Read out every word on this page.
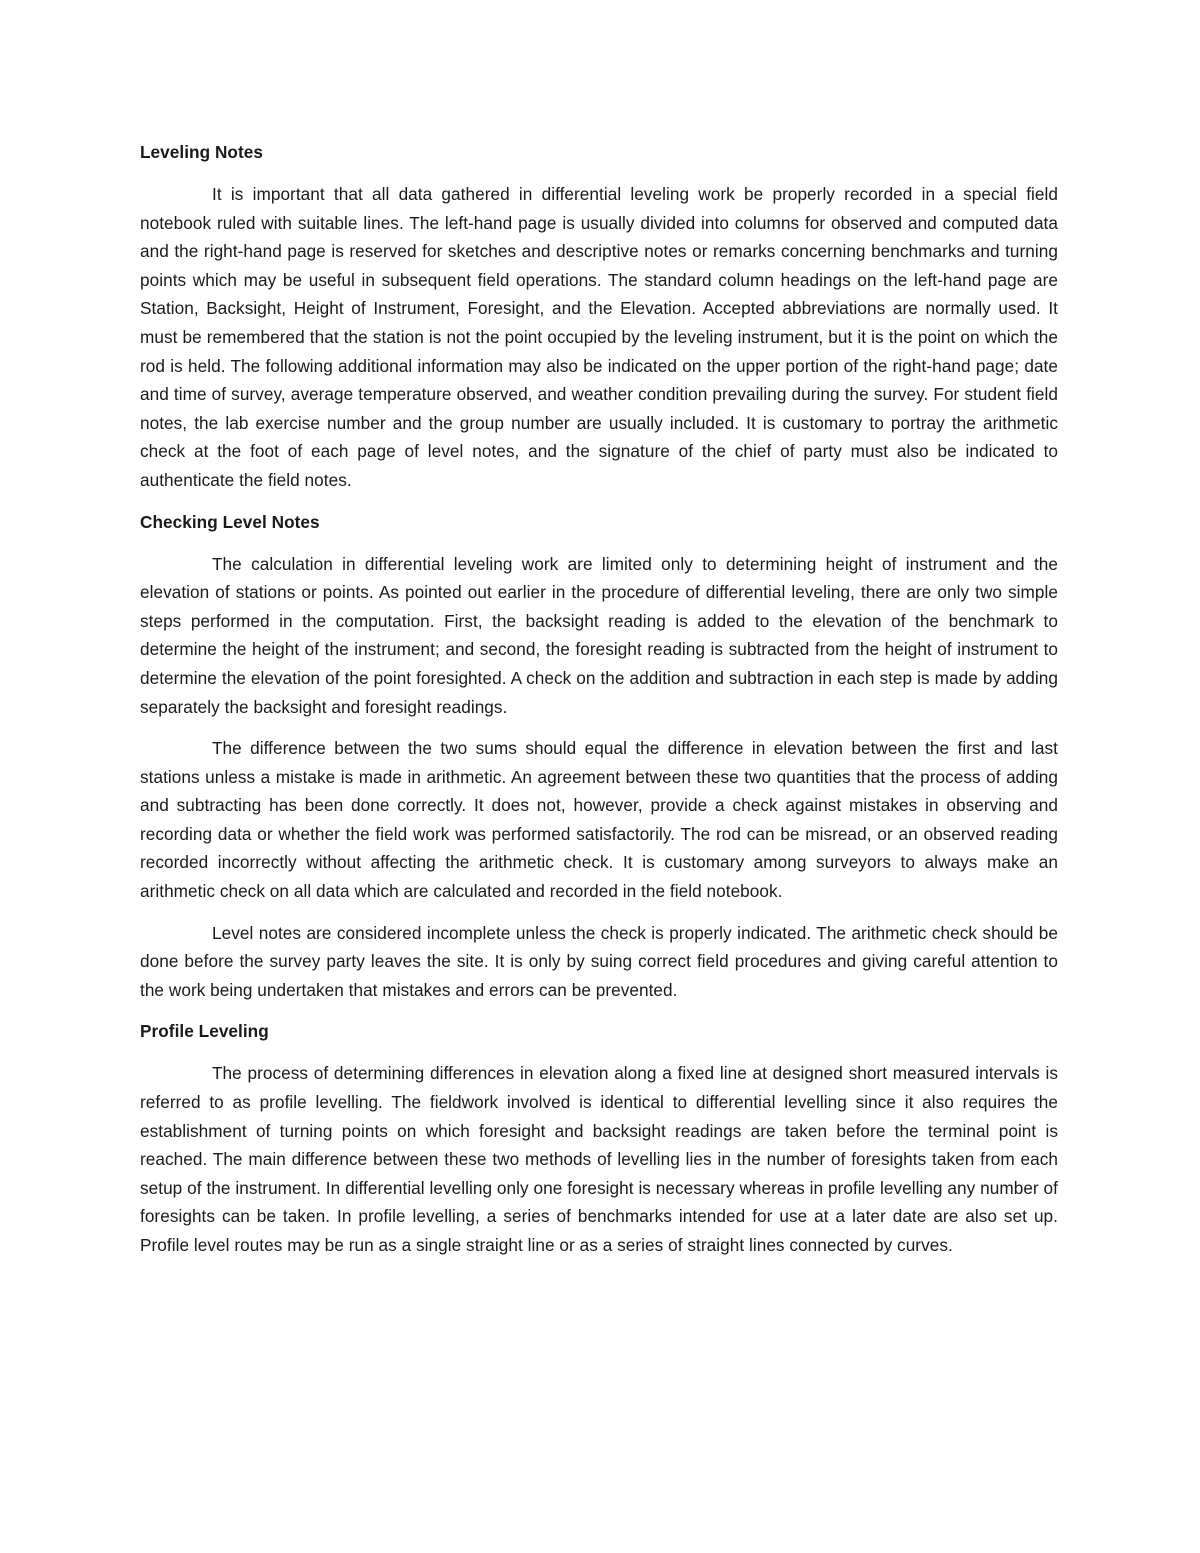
Leveling Notes

It is important that all data gathered in differential leveling work be properly recorded in a special field notebook ruled with suitable lines. The left-hand page is usually divided into columns for observed and computed data and the right-hand page is reserved for sketches and descriptive notes or remarks concerning benchmarks and turning points which may be useful in subsequent field operations. The standard column headings on the left-hand page are Station, Backsight, Height of Instrument, Foresight, and the Elevation. Accepted abbreviations are normally used. It must be remembered that the station is not the point occupied by the leveling instrument, but it is the point on which the rod is held. The following additional information may also be indicated on the upper portion of the right-hand page; date and time of survey, average temperature observed, and weather condition prevailing during the survey. For student field notes, the lab exercise number and the group number are usually included. It is customary to portray the arithmetic check at the foot of each page of level notes, and the signature of the chief of party must also be indicated to authenticate the field notes.

Checking Level Notes

The calculation in differential leveling work are limited only to determining height of instrument and the elevation of stations or points. As pointed out earlier in the procedure of differential leveling, there are only two simple steps performed in the computation. First, the backsight reading is added to the elevation of the benchmark to determine the height of the instrument; and second, the foresight reading is subtracted from the height of instrument to determine the elevation of the point foresighted. A check on the addition and subtraction in each step is made by adding separately the backsight and foresight readings.

The difference between the two sums should equal the difference in elevation between the first and last stations unless a mistake is made in arithmetic. An agreement between these two quantities that the process of adding and subtracting has been done correctly. It does not, however, provide a check against mistakes in observing and recording data or whether the field work was performed satisfactorily. The rod can be misread, or an observed reading recorded incorrectly without affecting the arithmetic check. It is customary among surveyors to always make an arithmetic check on all data which are calculated and recorded in the field notebook.

Level notes are considered incomplete unless the check is properly indicated. The arithmetic check should be done before the survey party leaves the site. It is only by suing correct field procedures and giving careful attention to the work being undertaken that mistakes and errors can be prevented.

Profile Leveling

The process of determining differences in elevation along a fixed line at designed short measured intervals is referred to as profile levelling. The fieldwork involved is identical to differential levelling since it also requires the establishment of turning points on which foresight and backsight readings are taken before the terminal point is reached. The main difference between these two methods of levelling lies in the number of foresights taken from each setup of the instrument. In differential levelling only one foresight is necessary whereas in profile levelling any number of foresights can be taken. In profile levelling, a series of benchmarks intended for use at a later date are also set up. Profile level routes may be run as a single straight line or as a series of straight lines connected by curves.
